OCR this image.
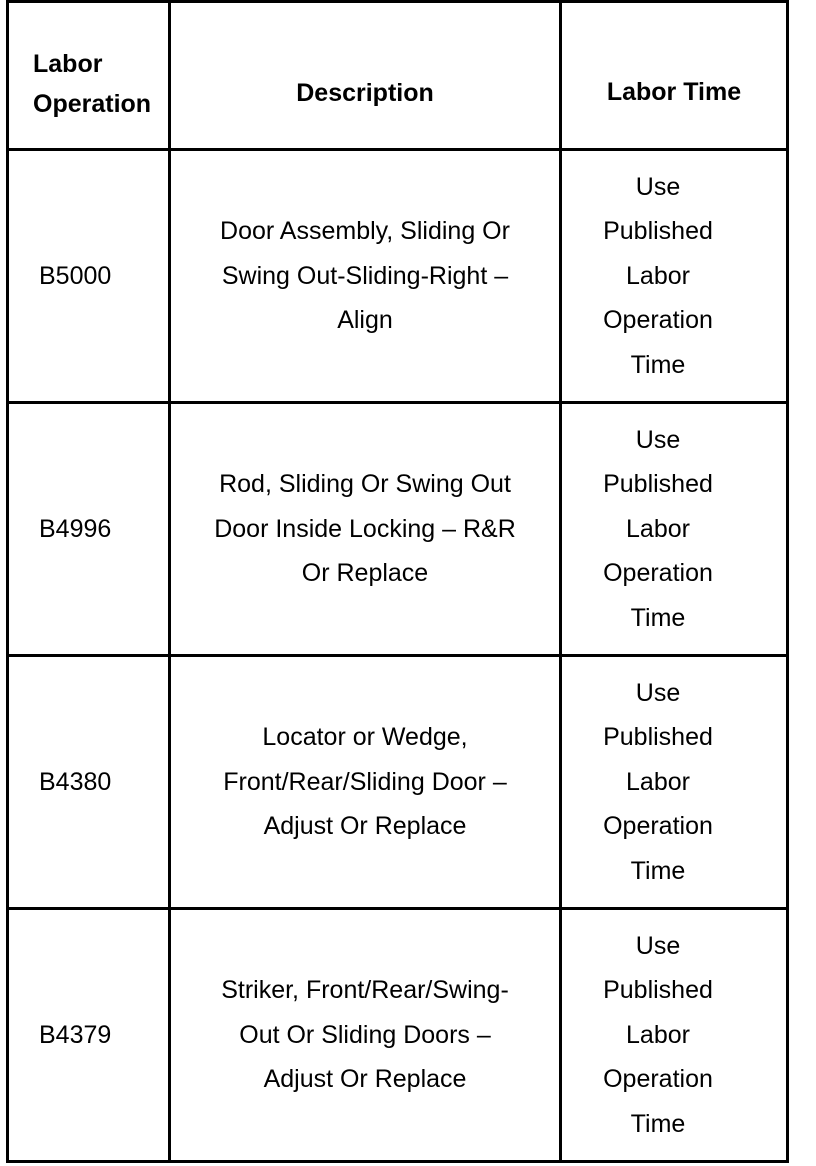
Labor Operation	Description	Labor Time

B5000	Door Assembly, Sliding Or Swing Out-Sliding-Right – Align	Use Published Labor Operation Time

B4996	Rod, Sliding Or Swing Out Door Inside Locking – R&R Or Replace	Use Published Labor Operation Time

B4380	Locator or Wedge, Front/Rear/Sliding Door – Adjust Or Replace	Use Published Labor Operation Time

B4379	Striker, Front/Rear/Swing-Out Or Sliding Doors – Adjust Or Replace	Use Published Labor Operation Time
